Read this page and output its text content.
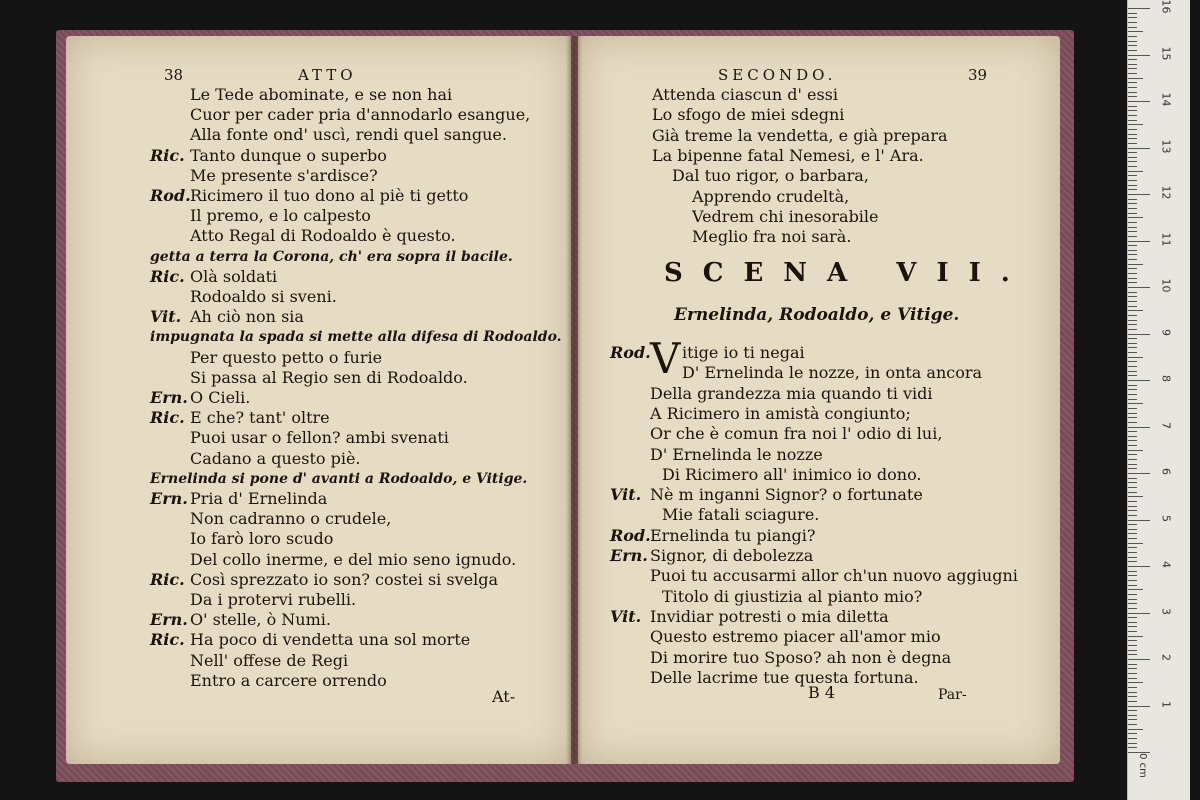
38	ATTO
Le Tede abominate, e se non hai
Cuor per cader pria d'annodarlo esangue,
Alla fonte ond' uscì, rendi quel sangue.
Ric. Tanto dunque o superbo
Me presente s'ardisce?
Rod. Ricimero il tuo dono al piè ti getto
Il premo, e lo calpesto
Atto Regal di Rodoaldo è questo.
getta a terra la Corona, ch' era sopra il bacile.
Ric. Olà soldati
Rodoaldo si sveni.
Vit. Ah ciò non sia
impugnata la spada si mette alla difesa di Rodoaldo.
Per questo petto o furie
Si passa al Regio sen di Rodoaldo.
Ern. O Cieli.
Ric. E che? tant' oltre
Puoi usar o fellon? ambi svenati
Cadano a questo piè.
Ernelinda si pone d' avanti a Rodoaldo, e Vitige.
Ern. Pria d' Ernelinda
Non cadranno o crudele,
Io farò loro scudo
Del collo inerme, e del mio seno ignudo.
Ric. Così sprezzato io son? costei si svelga
Da i protervi rubelli.
Ern. O' stelle, ò Numi.
Ric. Ha poco di vendetta una sol morte
Nell' offese de Regi
Entro a carcere orrendo
At-
SECONDO.	39
Attenda ciascun d' essi
Lo sfogo de miei sdegni
Già treme la vendetta, e già prepara
La bipenne fatal Nemesi, e l' Ara.
Dal tuo rigor, o barbara,
Apprendo crudeltà,
Vedrem chi inesorabile
Meglio fra noi sarà.
SCENA VII.
Ernelinda, Rodoaldo, e Vitige.
V
Rod. itige io ti negai
D' Ernelinda le nozze, in onta ancora
Della grandezza mia quando ti vidi
A Ricimero in amistà congiunto;
Or che è comun fra noi l' odio di lui,
D' Ernelinda le nozze
Di Ricimero all' inimico io dono.
Vit. Nè m inganni Signor? o fortunate
Mie fatali sciagure.
Rod. Ernelinda tu piangi?
Ern. Signor, di debolezza
Puoi tu accusarmi allor ch'un nuovo aggiugni
Titolo di giustizia al pianto mio?
Vit. Invidiar potresti o mia diletta
Questo estremo piacer all'amor mio
Di morire tuo Sposo? ah non è degna
Delle lacrime tue questa fortuna.
B 4	Par-
1
2
3
4
5
6
7
8
9
10
11
12
13
14
15
16
0 cm
